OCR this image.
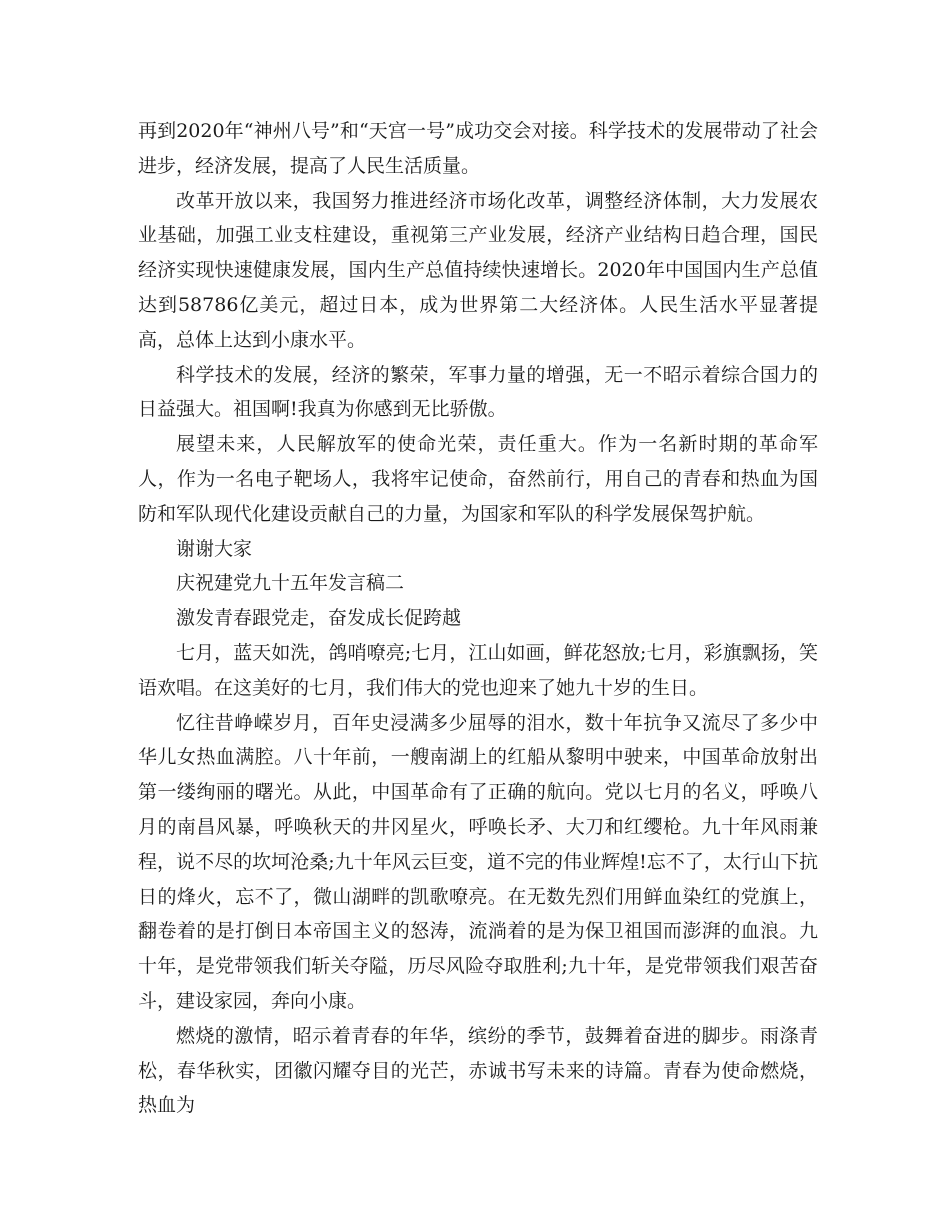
再到2020年“神州八号”和“天宫一号”成功交会对接。科学技术的发展带动了社会进步，经济发展，提高了人民生活质量。

改革开放以来，我国努力推进经济市场化改革，调整经济体制，大力发展农业基础，加强工业支柱建设，重视第三产业发展，经济产业结构日趋合理，国民经济实现快速健康发展，国内生产总值持续快速增长。2020年中国国内生产总值达到58786亿美元，超过日本，成为世界第二大经济体。人民生活水平显著提高，总体上达到小康水平。

科学技术的发展，经济的繁荣，军事力量的增强，无一不昭示着综合国力的日益强大。祖国啊!我真为你感到无比骄傲。

展望未来，人民解放军的使命光荣，责任重大。作为一名新时期的革命军人，作为一名电子靶场人，我将牢记使命，奋然前行，用自己的青春和热血为国防和军队现代化建设贡献自己的力量，为国家和军队的科学发展保驾护航。

谢谢大家

庆祝建党九十五年发言稿二

激发青春跟党走，奋发成长促跨越

七月，蓝天如洗，鸽哨嘹亮;七月，江山如画，鲜花怒放;七月，彩旗飘扬，笑语欢唱。在这美好的七月，我们伟大的党也迎来了她九十岁的生日。

忆往昔峥嵘岁月，百年史浸满多少屈辱的泪水，数十年抗争又流尽了多少中华儿女热血满腔。八十年前，一艘南湖上的红船从黎明中驶来，中国革命放射出第一缕绚丽的曙光。从此，中国革命有了正确的航向。党以七月的名义，呼唤八月的南昌风暴，呼唤秋天的井冈星火，呼唤长矛、大刀和红缨枪。九十年风雨兼程，说不尽的坎坷沧桑;九十年风云巨变，道不完的伟业辉煌!忘不了，太行山下抗日的烽火，忘不了，微山湖畔的凯歌嘹亮。在无数先烈们用鲜血染红的党旗上，翻卷着的是打倒日本帝国主义的怒涛，流淌着的是为保卫祖国而澎湃的血浪。九十年，是党带领我们斩关夺隘，历尽风险夺取胜利;九十年，是党带领我们艰苦奋斗，建设家园，奔向小康。

燃烧的激情，昭示着青春的年华，缤纷的季节，鼓舞着奋进的脚步。雨涤青松，春华秋实，团徽闪耀夺目的光芒，赤诚书写未来的诗篇。青春为使命燃烧，热血为
